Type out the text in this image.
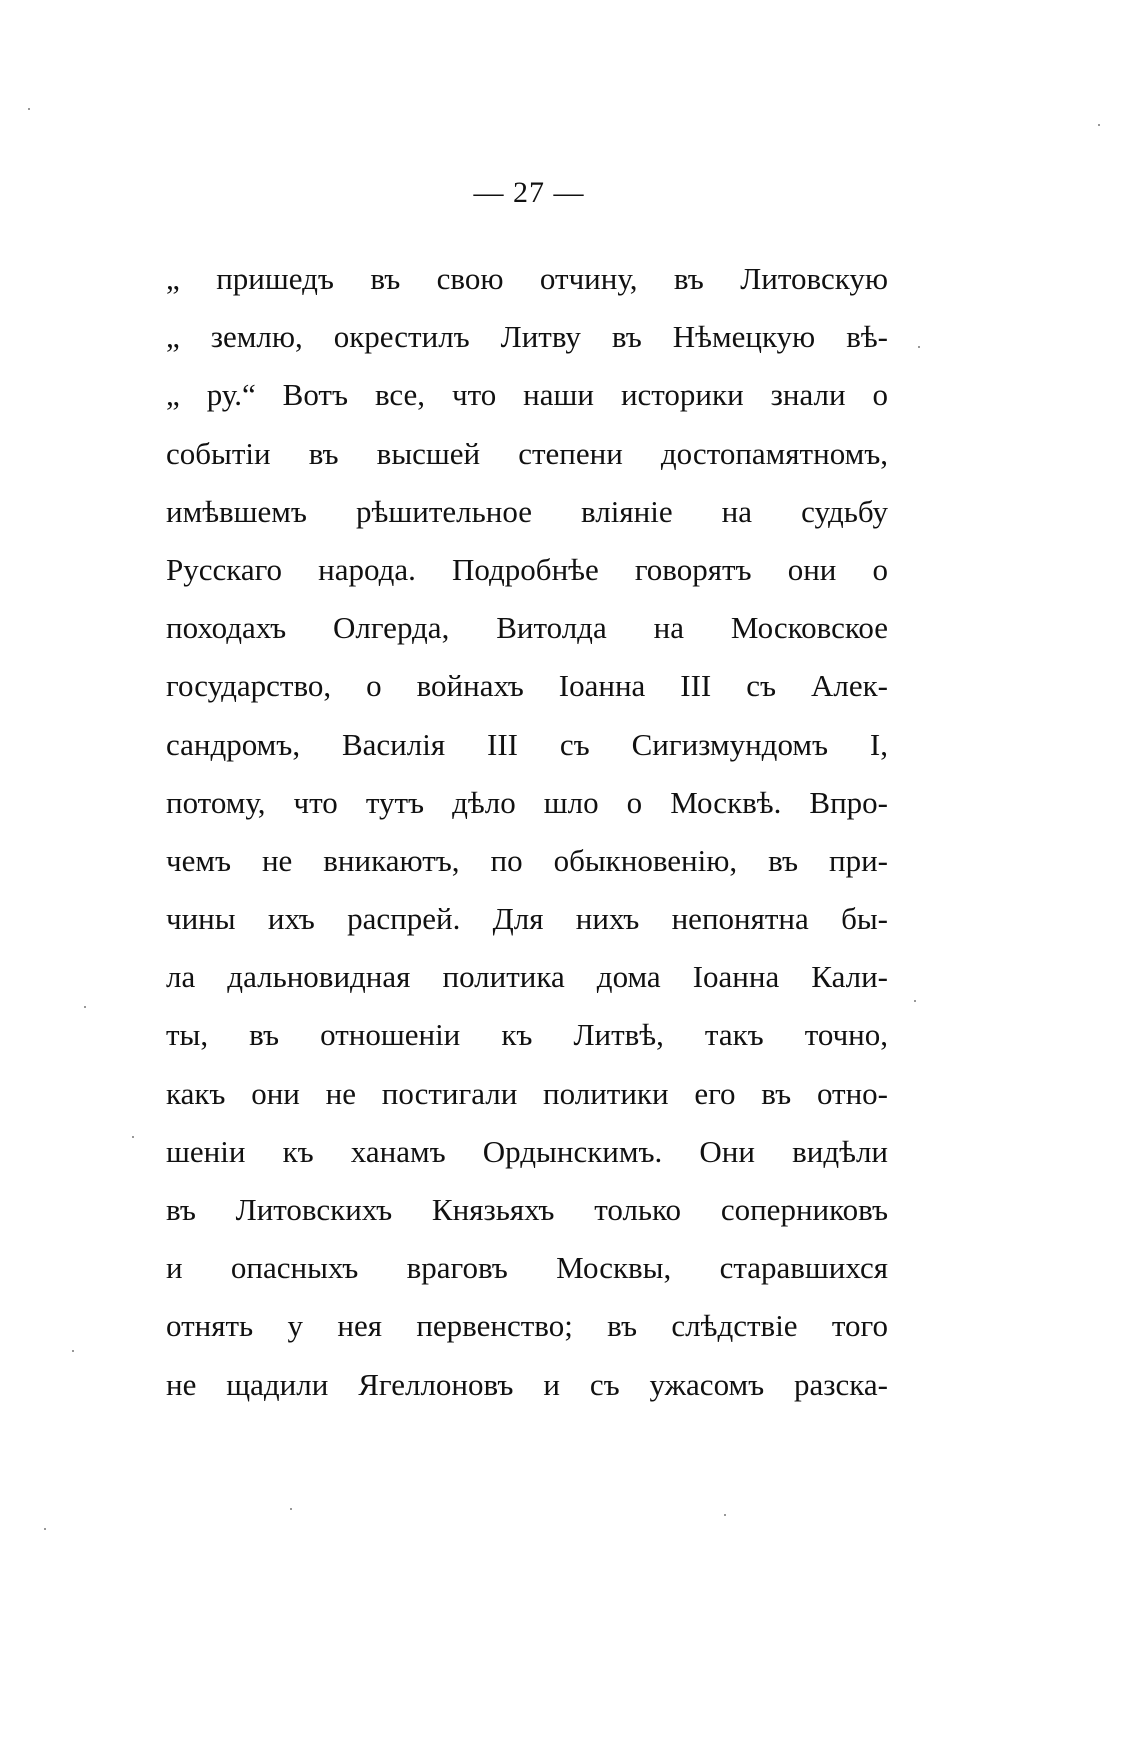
— 27 —
„ пришедъ въ свою отчину, въ Литовскую
„ землю, окрестилъ Литву въ Нѣмецкую вѣ-
„ ру.“ Вотъ все, что наши историки знали о
событіи въ высшей степени достопамятномъ,
имѣвшемъ рѣшительное вліяніе на судьбу
Русскаго народа. Подробнѣе говорятъ они о
походахъ Олгерда, Витолда на Московское
государство, о войнахъ Іоанна III съ Алек-
сандромъ, Василія III съ Сигизмундомъ I,
потому, что тутъ дѣло шло о Москвѣ. Впро-
чемъ не вникаютъ, по обыкновенію, въ при-
чины ихъ распрей. Для нихъ непонятна бы-
ла дальновидная политика дома Іоанна Кали-
ты, въ отношеніи къ Литвѣ, такъ точно,
какъ они не постигали политики его въ отно-
шеніи къ ханамъ Ордынскимъ. Они видѣли
въ Литовскихъ Князьяхъ только соперниковъ
и опасныхъ враговъ Москвы, старавшихся
отнять у нея первенство; въ слѣдствіе того
не щадили Ягеллоновъ и съ ужасомъ разска-
